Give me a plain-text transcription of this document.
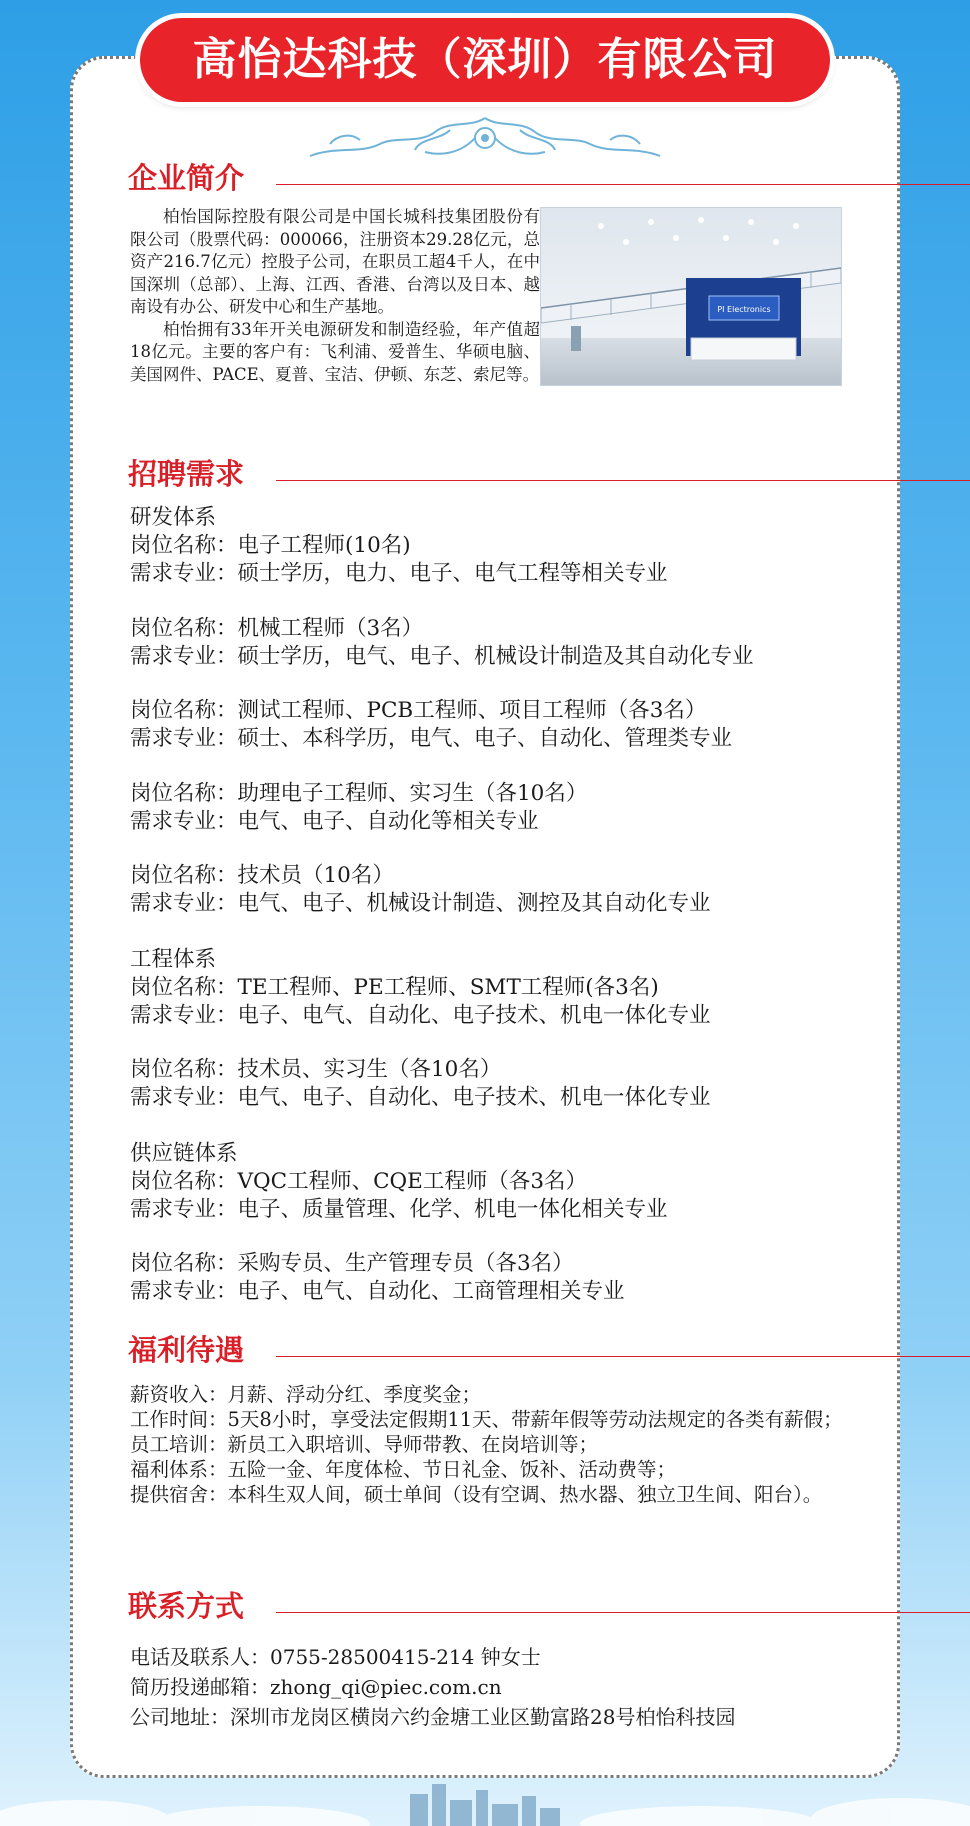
高怡达科技（深圳）有限公司
企业简介

柏怡国际控股有限公司是中国长城科技集团股份有限公司（股票代码：000066，注册资本29.28亿元，总资产216.7亿元）控股子公司，在职员工超4千人，在中国深圳（总部）、上海、江西、香港、台湾以及日本、越南设有办公、研发中心和生产基地。

柏怡拥有33年开关电源研发和制造经验，年产值超18亿元。主要的客户有：飞利浦、爱普生、华硕电脑、美国网件、PACE、夏普、宝洁、伊顿、东芝、索尼等。

PI Electronics
招聘需求
研发体系
岗位名称：电子工程师(10名)
需求专业：硕士学历，电力、电子、电气工程等相关专业
岗位名称：机械工程师（3名）
需求专业：硕士学历，电气、电子、机械设计制造及其自动化专业
岗位名称：测试工程师、PCB工程师、项目工程师（各3名）
需求专业：硕士、本科学历，电气、电子、自动化、管理类专业
岗位名称：助理电子工程师、实习生（各10名）
需求专业：电气、电子、自动化等相关专业
岗位名称：技术员（10名）
需求专业：电气、电子、机械设计制造、测控及其自动化专业
工程体系
岗位名称：TE工程师、PE工程师、SMT工程师(各3名)
需求专业：电子、电气、自动化、电子技术、机电一体化专业
岗位名称：技术员、实习生（各10名）
需求专业：电气、电子、自动化、电子技术、机电一体化专业
供应链体系
岗位名称：VQC工程师、CQE工程师（各3名）
需求专业：电子、质量管理、化学、机电一体化相关专业
岗位名称：采购专员、生产管理专员（各3名）
需求专业：电子、电气、自动化、工商管理相关专业
福利待遇
薪资收入：月薪、浮动分红、季度奖金；
工作时间：5天8小时，享受法定假期11天、带薪年假等劳动法规定的各类有薪假；
员工培训：新员工入职培训、导师带教、在岗培训等；
福利体系：五险一金、年度体检、节日礼金、饭补、活动费等；
提供宿舍：本科生双人间，硕士单间（设有空调、热水器、独立卫生间、阳台）。
联系方式
电话及联系人：0755-28500415-214 钟女士
简历投递邮箱：zhong_qi@piec.com.cn
公司地址：深圳市龙岗区横岗六约金塘工业区勤富路28号柏怡科技园
